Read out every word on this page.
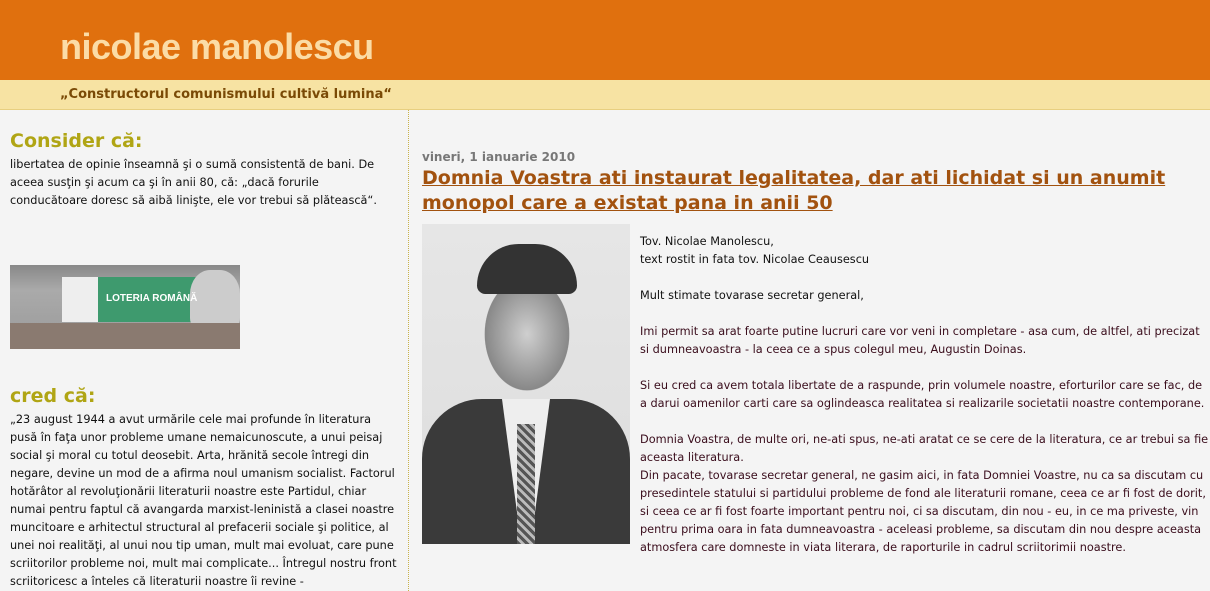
nicolae manolescu
„Constructorul comunismului cultivă lumina“
Consider că:

libertatea de opinie înseamnă şi o sumă consistentă de bani. De aceea susţin şi acum ca şi în anii 80, că: „dacă forurile conducătoare doresc să aibă linişte, ele vor trebui să plătească“.

LOTERIA ROMÂNĂ
cred că:

„23 august 1944 a avut urmările cele mai profunde în literatura pusă în faţa unor probleme umane nemaicunoscute, a unui peisaj social şi moral cu totul deosebit. Arta, hrănită secole întregi din negare, devine un mod de a afirma noul umanism socialist. Factorul hotărâtor al revoluţionării literaturii noastre este Partidul, chiar numai pentru faptul că avangarda marxist-leninistă a clasei noastre muncitoare e arhitectul structural al prefacerii sociale şi politice, al unei noi realităţi, al unui nou tip uman, mult mai evoluat, care pune scriitorilor probleme noi, mult mai complicate... Întregul nostru front scriitoricesc a înteles că literaturii noastre îi revine -

vineri, 1 ianuarie 2010
Domnia Voastra ati instaurat legalitatea, dar ati lichidat si un anumit monopol care a existat pana in anii 50

Tov. Nicolae Manolescu,

text rostit in fata tov. Nicolae Ceausescu

Mult stimate tovarase secretar general,

Imi permit sa arat foarte putine lucruri care vor veni in completare - asa cum, de altfel, ati precizat si dumneavoastra - la ceea ce a spus colegul meu, Augustin Doinas.

Si eu cred ca avem totala libertate de a raspunde, prin volumele noastre, eforturilor care se fac, de a darui oamenilor carti care sa oglindeasca realitatea si realizarile societatii noastre contemporane.

Domnia Voastra, de multe ori, ne-ati spus, ne-ati aratat ce se cere de la literatura, ce ar trebui sa fie aceasta literatura.

Din pacate, tovarase secretar general, ne gasim aici, in fata Domniei Voastre, nu ca sa discutam cu presedintele statului si partidului probleme de fond ale literaturii romane, ceea ce ar fi fost de dorit, si ceea ce ar fi fost foarte important pentru noi, ci sa discutam, din nou - eu, in ce ma priveste, vin pentru prima oara in fata dumneavoastra - aceleasi probleme, sa discutam din nou despre aceasta atmosfera care domneste in viata literara, de raporturile in cadrul scriitorimii noastre.
